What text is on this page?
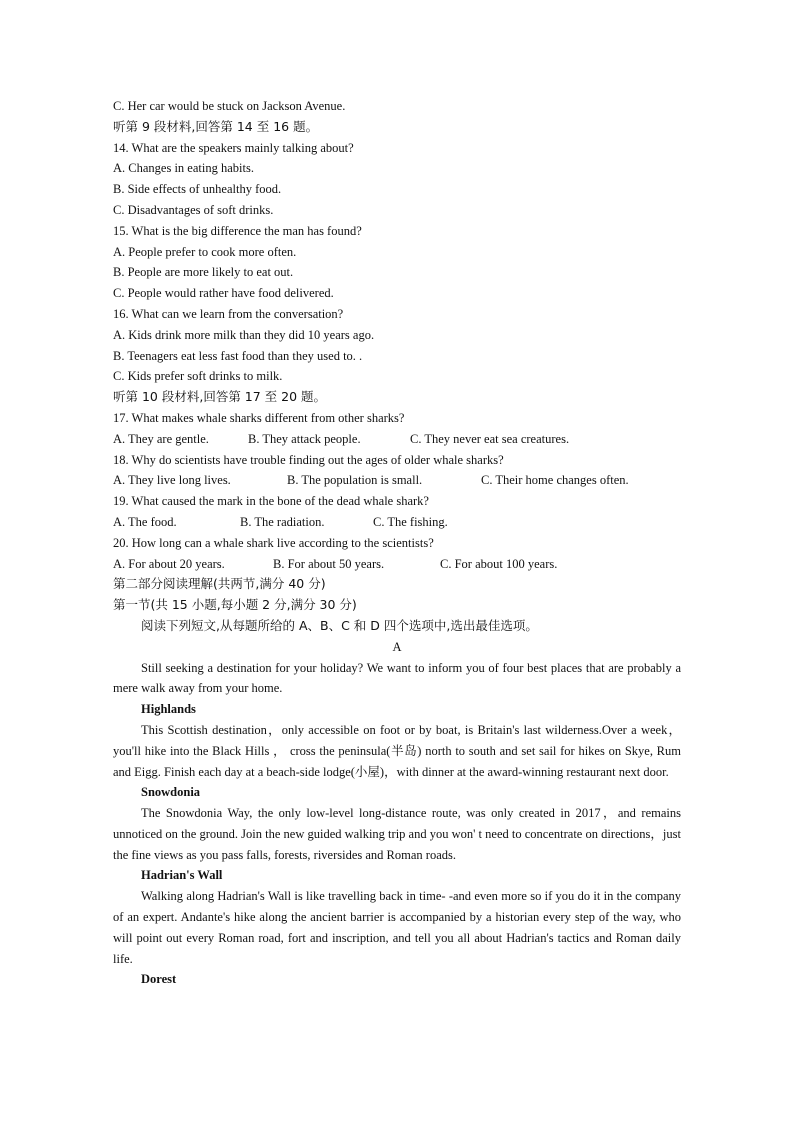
C. Her car would be stuck on Jackson Avenue.
听第 9 段材料,回答第 14 至 16 题。
14. What are the speakers mainly talking about?
A. Changes in eating habits.
B. Side effects of unhealthy food.
C. Disadvantages of soft drinks.
15. What is the big difference the man has found?
A. People prefer to cook more often.
B. People are more likely to eat out.
C. People would rather have food delivered.
16. What can we learn from the conversation?
A. Kids drink more milk than they did 10 years ago.
B. Teenagers eat less fast food than they used to. .
C. Kids prefer soft drinks to milk.
听第 10 段材料,回答第 17 至 20 题。
17. What makes whale sharks different from other sharks?
A. They are gentle.	B. They attack people.	C. They never eat sea creatures.
18. Why do scientists have trouble finding out the ages of older whale sharks?
A. They live long lives.	B. The population is small.	C. Their home changes often.
19. What caused the mark in the bone of the dead whale shark?
A. The food.	B. The radiation.	C. The fishing.
20. How long can a whale shark live according to the scientists?
A. For about 20 years.	B. For about 50 years.	C. For about 100 years.
第二部分阅读理解(共两节,满分 40 分)
第一节(共 15 小题,每小题 2 分,满分 30 分)
阅读下列短文,从每题所给的 A、B、C 和 D 四个选项中,选出最佳选项。
A
Still seeking a destination for your holiday? We want to inform you of four best places that are probably a mere walk away from your home.
Highlands
This Scottish destination，only accessible on foot or by boat, is Britain's last wilderness.Over a week，you'll hike into the Black Hills ， cross the peninsula(半岛) north to south and set sail for hikes on Skye, Rum and Eigg. Finish each day at a beach-side lodge(小屋)，with dinner at the award-winning restaurant next door.
Snowdonia
The Snowdonia Way, the only low-level long-distance route, was only created in 2017，and remains unnoticed on the ground. Join the new guided walking trip and you won' t need to concentrate on directions，just the fine views as you pass falls, forests, riversides and Roman roads.
Hadrian's Wall
Walking along Hadrian's Wall is like travelling back in time- -and even more so if you do it in the company of an expert. Andante's hike along the ancient barrier is accompanied by a historian every step of the way, who will point out every Roman road, fort and inscription, and tell you all about Hadrian's tactics and Roman daily life.
Dorest
